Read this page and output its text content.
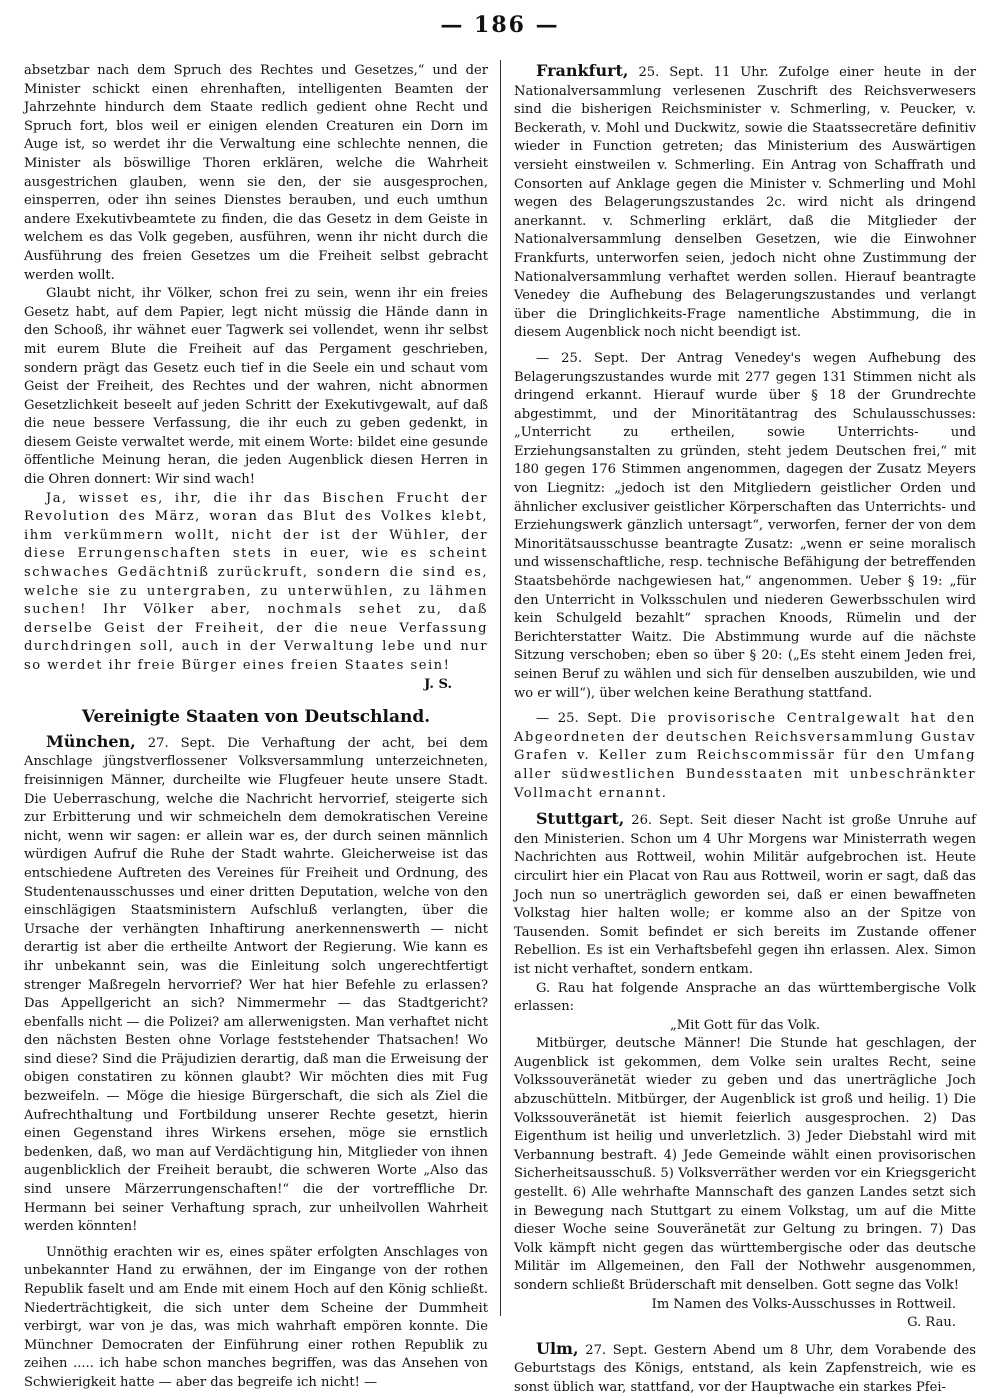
— 186 —

absetzbar nach dem Spruch des Rechtes und Gesetzes,“ und der Minister schickt einen ehrenhaften, intelligenten Beamten der Jahrzehnte hindurch dem Staate redlich gedient ohne Recht und Spruch fort, blos weil er einigen elenden Creaturen ein Dorn im Auge ist, so werdet ihr die Verwaltung eine schlechte nennen, die Minister als böswillige Thoren erklären, welche die Wahrheit ausgestrichen glauben, wenn sie den, der sie ausgesprochen, einsperren, oder ihn seines Dienstes berauben, und euch umthun andere Exekutivbeamtete zu finden, die das Gesetz in dem Geiste in welchem es das Volk gegeben, ausführen, wenn ihr nicht durch die Ausführung des freien Gesetzes um die Freiheit selbst gebracht werden wollt.

Glaubt nicht, ihr Völker, schon frei zu sein, wenn ihr ein freies Gesetz habt, auf dem Papier, legt nicht müssig die Hände dann in den Schooß, ihr wähnet euer Tagwerk sei vollendet, wenn ihr selbst mit eurem Blute die Freiheit auf das Pergament geschrieben, sondern prägt das Gesetz euch tief in die Seele ein und schaut vom Geist der Freiheit, des Rechtes und der wahren, nicht abnormen Gesetzlichkeit beseelt auf jeden Schritt der Exekutivgewalt, auf daß die neue bessere Verfassung, die ihr euch zu geben gedenkt, in diesem Geiste verwaltet werde, mit einem Worte: bildet eine gesunde öffentliche Meinung heran, die jeden Augenblick diesen Herren in die Ohren donnert: Wir sind wach!

Ja, wisset es, ihr, die ihr das Bischen Frucht der Revolution des März, woran das Blut des Volkes klebt, ihm verkümmern wollt, nicht der ist der Wühler, der diese Errungenschaften stets in euer, wie es scheint schwaches Gedächtniß zurückruft, sondern die sind es, welche sie zu untergraben, zu unterwühlen, zu lähmen suchen! Ihr Völker aber, nochmals sehet zu, daß derselbe Geist der Freiheit, der die neue Verfassung durchdringen soll, auch in der Verwaltung lebe und nur so werdet ihr freie Bürger eines freien Staates sein!

J. S.
Vereinigte Staaten von Deutschland.

München, 27. Sept. Die Verhaftung der acht, bei dem Anschlage jüngstverflossener Volksversammlung unterzeichneten, freisinnigen Männer, durcheilte wie Flugfeuer heute unsere Stadt. Die Ueberraschung, welche die Nachricht hervorrief, steigerte sich zur Erbitterung und wir schmeicheln dem demokratischen Vereine nicht, wenn wir sagen: er allein war es, der durch seinen männlich würdigen Aufruf die Ruhe der Stadt wahrte. Gleicherweise ist das entschiedene Auftreten des Vereines für Freiheit und Ordnung, des Studentenausschusses und einer dritten Deputation, welche von den einschlägigen Staatsministern Aufschluß verlangten, über die Ursache der verhängten Inhaftirung anerkennenswerth — nicht derartig ist aber die ertheilte Antwort der Regierung. Wie kann es ihr unbekannt sein, was die Einleitung solch ungerechtfertigt strenger Maßregeln hervorrief? Wer hat hier Befehle zu erlassen? Das Appellgericht an sich? Nimmermehr — das Stadtgericht? ebenfalls nicht — die Polizei? am allerwenigsten. Man verhaftet nicht den nächsten Besten ohne Vorlage feststehender Thatsachen! Wo sind diese? Sind die Präjudizien derartig, daß man die Erweisung der obigen constatiren zu können glaubt? Wir möchten dies mit Fug bezweifeln. — Möge die hiesige Bürgerschaft, die sich als Ziel die Aufrechthaltung und Fortbildung unserer Rechte gesetzt, hierin einen Gegenstand ihres Wirkens ersehen, möge sie ernstlich bedenken, daß, wo man auf Verdächtigung hin, Mitglieder von ihnen augenblicklich der Freiheit beraubt, die schweren Worte „Also das sind unsere Märzerrungenschaften!“ die der vortreffliche Dr. Hermann bei seiner Verhaftung sprach, zur unheilvollen Wahrheit werden könnten!

Unnöthig erachten wir es, eines später erfolgten Anschlages von unbekannter Hand zu erwähnen, der im Eingange von der rothen Republik faselt und am Ende mit einem Hoch auf den König schließt. Niederträchtigkeit, die sich unter dem Scheine der Dummheit verbirgt, war von je das, was mich wahrhaft empören konnte. Die Münchner Democraten der Einführung einer rothen Republik zu zeihen ..... ich habe schon manches begriffen, was das Ansehen von Schwierigkeit hatte — aber das begreife ich nicht! —

Frankfurt, 25. Sept. 11 Uhr. Zufolge einer heute in der Nationalversammlung verlesenen Zuschrift des Reichsverwesers sind die bisherigen Reichsminister v. Schmerling, v. Peucker, v. Beckerath, v. Mohl und Duckwitz, sowie die Staatssecretäre definitiv wieder in Function getreten; das Ministerium des Auswärtigen versieht einstweilen v. Schmerling. Ein Antrag von Schaffrath und Consorten auf Anklage gegen die Minister v. Schmerling und Mohl wegen des Belagerungszustandes 2c. wird nicht als dringend anerkannt. v. Schmerling erklärt, daß die Mitglieder der Nationalversammlung denselben Gesetzen, wie die Einwohner Frankfurts, unterworfen seien, jedoch nicht ohne Zustimmung der Nationalversammlung verhaftet werden sollen. Hierauf beantragte Venedey die Aufhebung des Belagerungszustandes und verlangt über die Dringlichkeits-Frage namentliche Abstimmung, die in diesem Augenblick noch nicht beendigt ist.

— 25. Sept. Der Antrag Venedey's wegen Aufhebung des Belagerungszustandes wurde mit 277 gegen 131 Stimmen nicht als dringend erkannt. Hierauf wurde über § 18 der Grundrechte abgestimmt, und der Minoritätantrag des Schulausschusses: „Unterricht zu ertheilen, sowie Unterrichts- und Erziehungsanstalten zu gründen, steht jedem Deutschen frei,“ mit 180 gegen 176 Stimmen angenommen, dagegen der Zusatz Meyers von Liegnitz: „jedoch ist den Mitgliedern geistlicher Orden und ähnlicher exclusiver geistlicher Körperschaften das Unterrichts- und Erziehungswerk gänzlich untersagt“, verworfen, ferner der von dem Minoritätsausschusse beantragte Zusatz: „wenn er seine moralisch und wissenschaftliche, resp. technische Befähigung der betreffenden Staatsbehörde nachgewiesen hat,“ angenommen. Ueber § 19: „für den Unterricht in Volksschulen und niederen Gewerbsschulen wird kein Schulgeld bezahlt“ sprachen Knoods, Rümelin und der Berichterstatter Waitz. Die Abstimmung wurde auf die nächste Sitzung verschoben; eben so über § 20: („Es steht einem Jeden frei, seinen Beruf zu wählen und sich für denselben auszubilden, wie und wo er will“), über welchen keine Berathung stattfand.

— 25. Sept. Die provisorische Centralgewalt hat den Abgeordneten der deutschen Reichsversammlung Gustav Grafen v. Keller zum Reichscommissär für den Umfang aller südwestlichen Bundesstaaten mit unbeschränkter Vollmacht ernannt.

Stuttgart, 26. Sept. Seit dieser Nacht ist große Unruhe auf den Ministerien. Schon um 4 Uhr Morgens war Ministerrath wegen Nachrichten aus Rottweil, wohin Militär aufgebrochen ist. Heute circulirt hier ein Placat von Rau aus Rottweil, worin er sagt, daß das Joch nun so unerträglich geworden sei, daß er einen bewaffneten Volkstag hier halten wolle; er komme also an der Spitze von Tausenden. Somit befindet er sich bereits im Zustande offener Rebellion. Es ist ein Verhaftsbefehl gegen ihn erlassen. Alex. Simon ist nicht verhaftet, sondern entkam.

G. Rau hat folgende Ansprache an das württembergische Volk erlassen:

„Mit Gott für das Volk.

Mitbürger, deutsche Männer! Die Stunde hat geschlagen, der Augenblick ist gekommen, dem Volke sein uraltes Recht, seine Volkssouveränetät wieder zu geben und das unerträgliche Joch abzuschütteln. Mitbürger, der Augenblick ist groß und heilig. 1) Die Volkssouveränetät ist hiemit feierlich ausgesprochen. 2) Das Eigenthum ist heilig und unverletzlich. 3) Jeder Diebstahl wird mit Verbannung bestraft. 4) Jede Gemeinde wählt einen provisorischen Sicherheitsausschuß. 5) Volksverräther werden vor ein Kriegsgericht gestellt. 6) Alle wehrhafte Mannschaft des ganzen Landes setzt sich in Bewegung nach Stuttgart zu einem Volkstag, um auf die Mitte dieser Woche seine Souveränetät zur Geltung zu bringen. 7) Das Volk kämpft nicht gegen das württembergische oder das deutsche Militär im Allgemeinen, den Fall der Nothwehr ausgenommen, sondern schließt Brüderschaft mit denselben. Gott segne das Volk!

Im Namen des Volks-Ausschusses in Rottweil.

G. Rau.

Ulm, 27. Sept. Gestern Abend um 8 Uhr, dem Vorabende des Geburtstags des Königs, entstand, als kein Zapfenstreich, wie es sonst üblich war, stattfand, vor der Hauptwache ein starkes Pfei-
